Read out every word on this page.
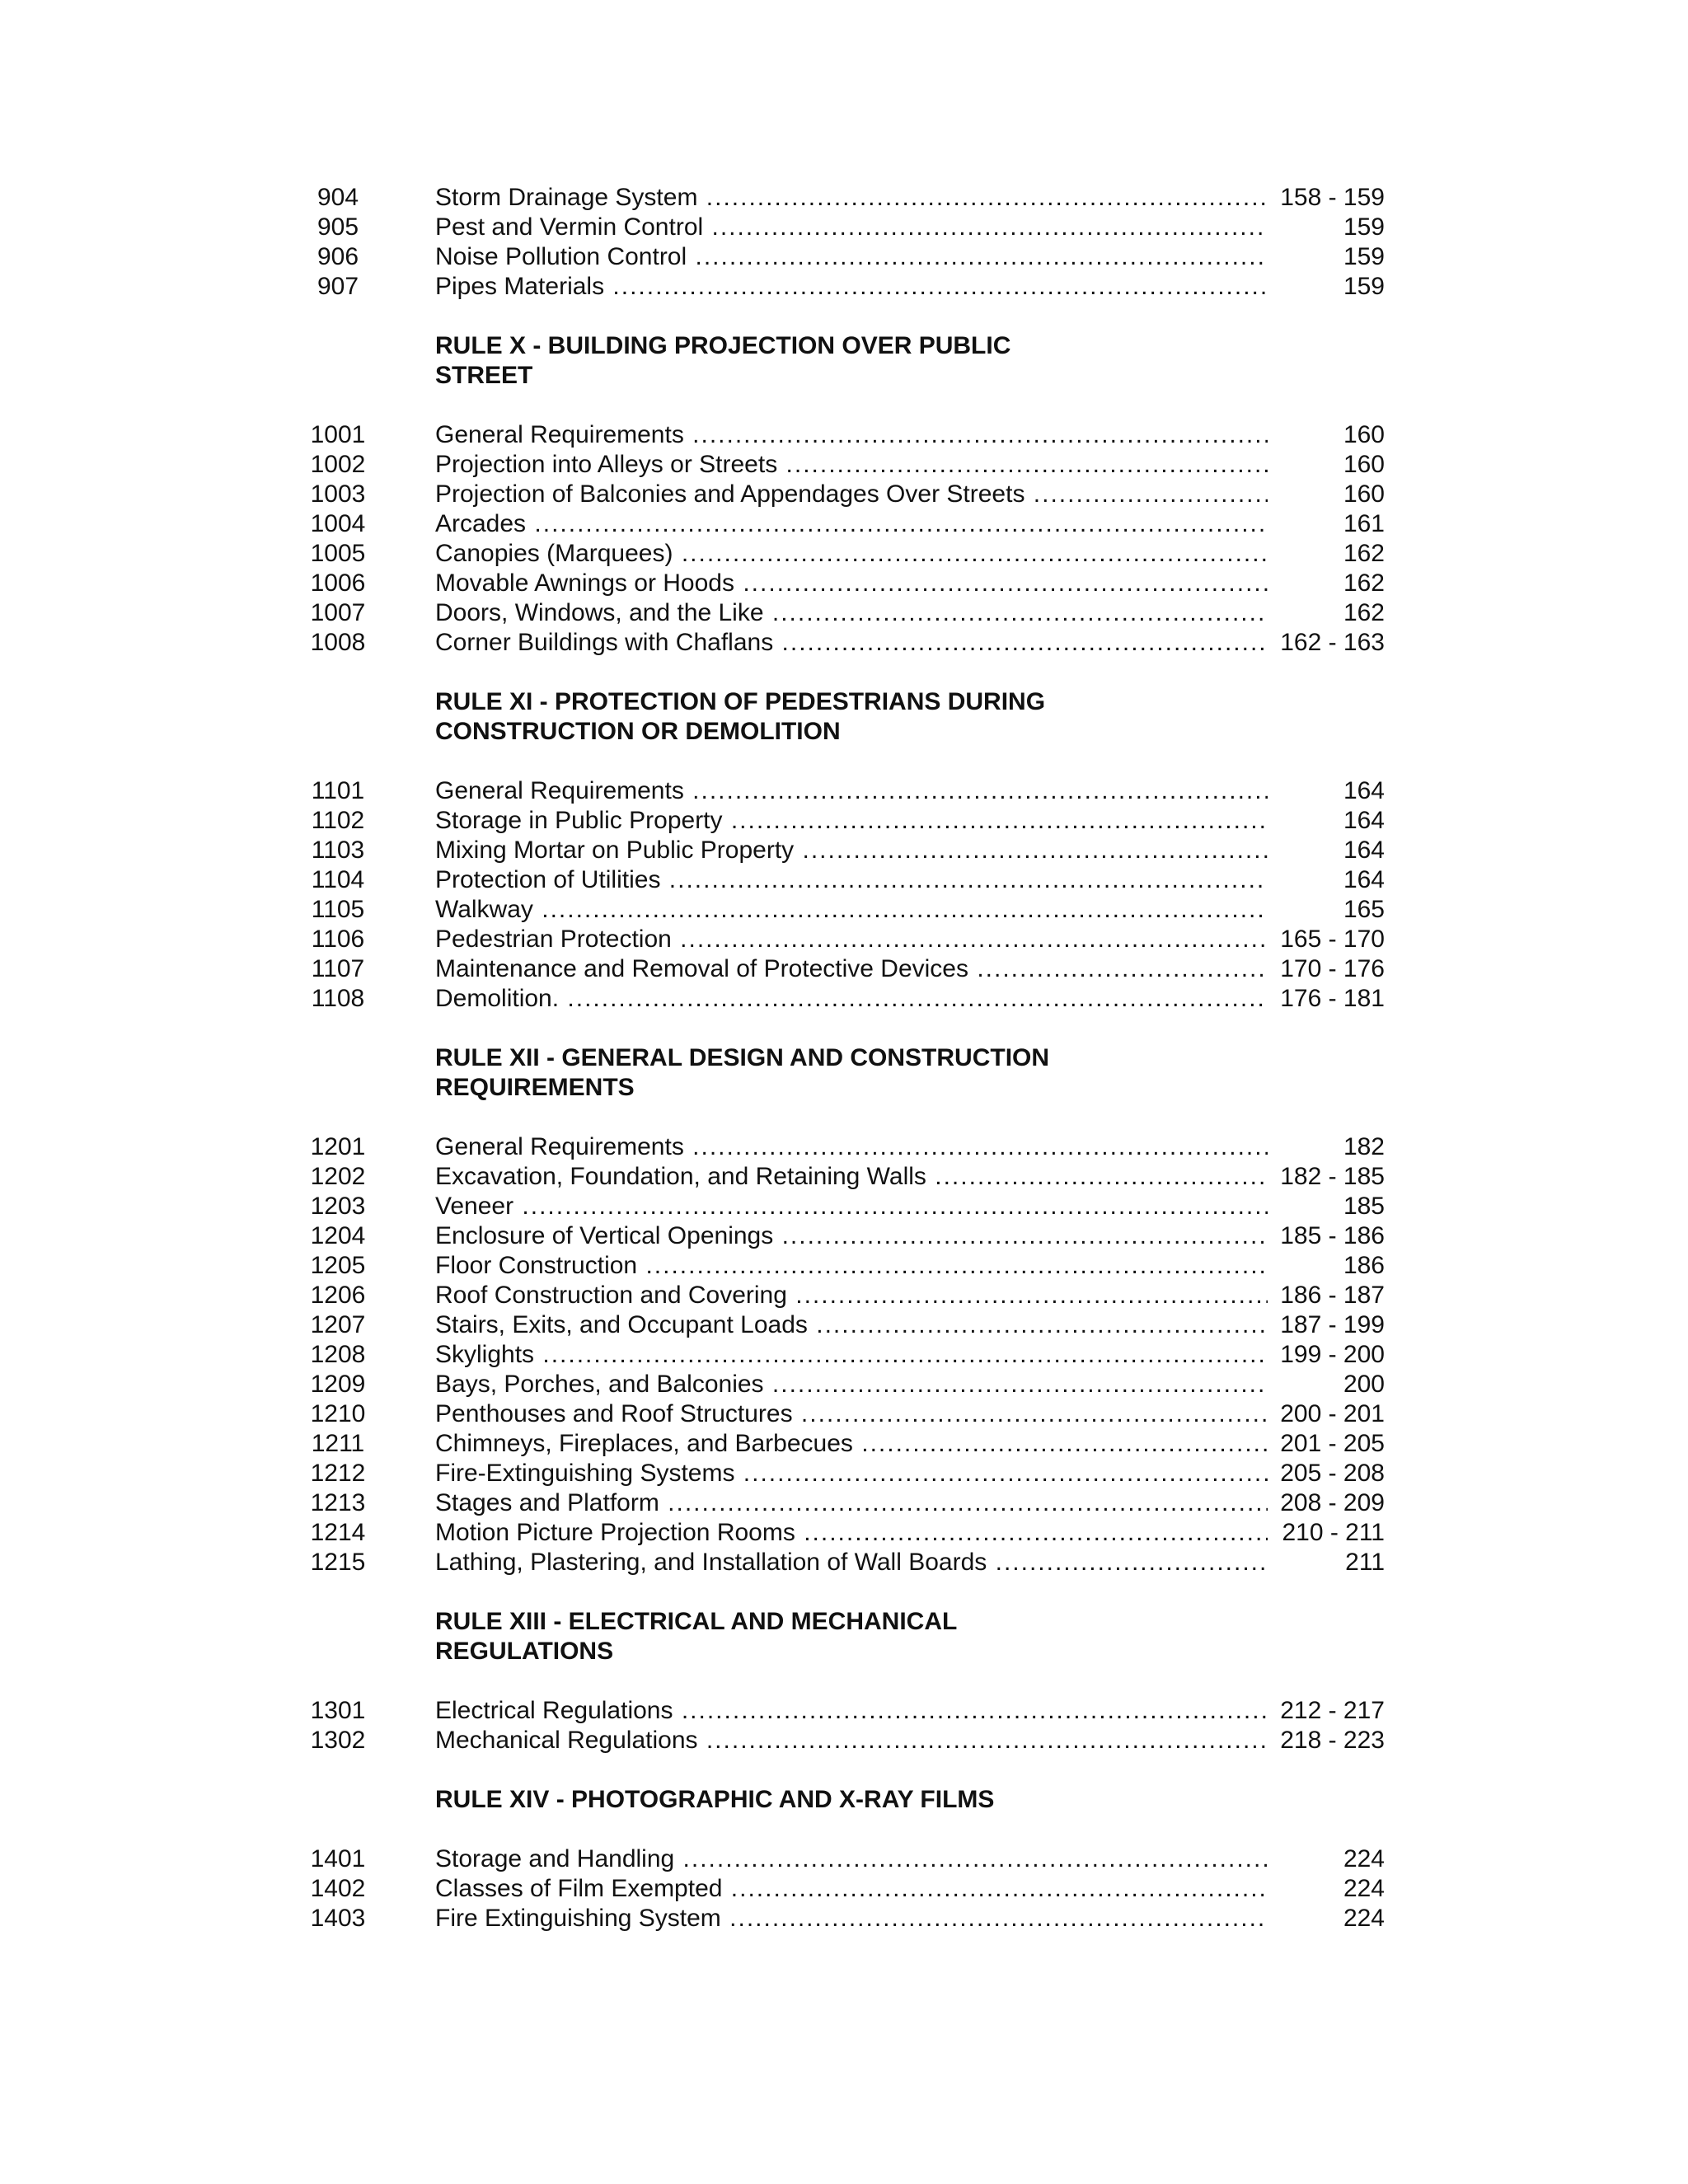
904	Storm Drainage System .....	158 - 159
905	Pest and Vermin Control .....	159
906	Noise Pollution Control .....	159
907	Pipes Materials .....	159
RULE X - BUILDING PROJECTION OVER PUBLIC
STREET
1001	General Requirements .....	160
1002	Projection into Alleys or Streets .....	160
1003	Projection of Balconies and Appendages Over Streets .....	160
1004	Arcades .....	161
1005	Canopies (Marquees) .....	162
1006	Movable Awnings or Hoods .....	162
1007	Doors, Windows, and the Like .....	162
1008	Corner Buildings with Chaflans .....	162 - 163
RULE XI - PROTECTION OF PEDESTRIANS DURING
CONSTRUCTION OR DEMOLITION
1101	General Requirements .....	164
1102	Storage in Public Property .....	164
1103	Mixing Mortar on Public Property .....	164
1104	Protection of Utilities .....	164
1105	Walkway .....	165
1106	Pedestrian Protection .....	165 - 170
1107	Maintenance and Removal of Protective Devices .....	170 - 176
1108	Demolition. .....	176 - 181
RULE XII - GENERAL DESIGN AND CONSTRUCTION
REQUIREMENTS
1201	General Requirements .....	182
1202	Excavation, Foundation, and Retaining Walls .....	182 - 185
1203	Veneer .....	185
1204	Enclosure of Vertical Openings .....	185 - 186
1205	Floor Construction .....	186
1206	Roof Construction and Covering .....	186 - 187
1207	Stairs, Exits, and Occupant Loads .....	187 - 199
1208	Skylights .....	199 - 200
1209	Bays, Porches, and Balconies .....	200
1210	Penthouses and Roof Structures .....	200 - 201
1211	Chimneys, Fireplaces, and Barbecues .....	201 - 205
1212	Fire-Extinguishing Systems .....	205 - 208
1213	Stages and Platform .....	208 - 209
1214	Motion Picture Projection Rooms .....	210 - 211
1215	Lathing, Plastering, and Installation of Wall Boards .....	211
RULE XIII - ELECTRICAL AND MECHANICAL
REGULATIONS
1301	Electrical Regulations .....	212 - 217
1302	Mechanical Regulations .....	218 - 223
RULE XIV - PHOTOGRAPHIC AND X-RAY FILMS
1401	Storage and Handling .....	224
1402	Classes of Film Exempted .....	224
1403	Fire Extinguishing System .....	224
